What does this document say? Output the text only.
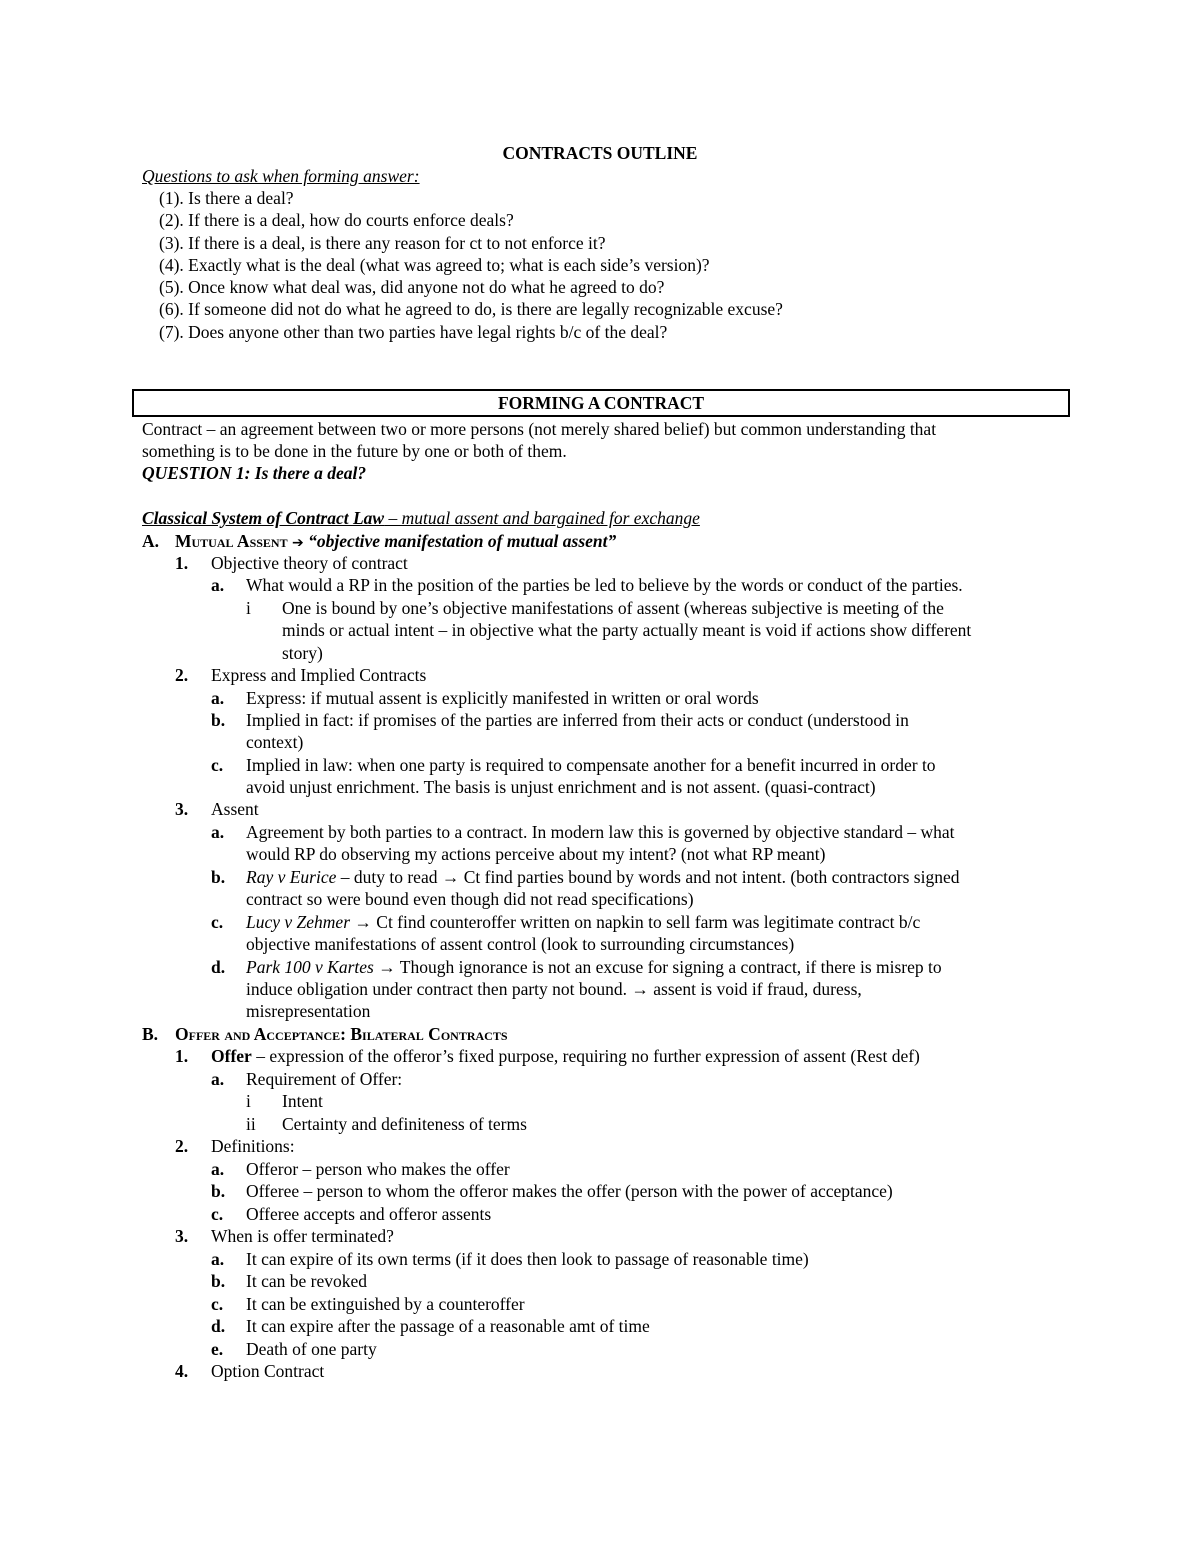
CONTRACTS OUTLINE
Questions to ask when forming answer:
(1). Is there a deal?
(2). If there is a deal, how do courts enforce deals?
(3). If there is a deal, is there any reason for ct to not enforce it?
(4). Exactly what is the deal (what was agreed to; what is each side’s version)?
(5). Once know what deal was, did anyone not do what he agreed to do?
(6). If someone did not do what he agreed to do, is there are legally recognizable excuse?
(7). Does anyone other than two parties have legal rights b/c of the deal?
FORMING A CONTRACT
Contract – an agreement between two or more persons (not merely shared belief) but common understanding that
something is to be done in the future by one or both of them.
QUESTION 1: Is there a deal?
Classical System of Contract Law – mutual assent and bargained for exchange
A. Mutual Assent ➔ “objective manifestation of mutual assent”
1. Objective theory of contract
a. What would a RP in the position of the parties be led to believe by the words or conduct of the parties.
i One is bound by one’s objective manifestations of assent (whereas subjective is meeting of the
minds or actual intent – in objective what the party actually meant is void if actions show different
story)
2. Express and Implied Contracts
a. Express: if mutual assent is explicitly manifested in written or oral words
b. Implied in fact: if promises of the parties are inferred from their acts or conduct (understood in
context)
c. Implied in law: when one party is required to compensate another for a benefit incurred in order to
avoid unjust enrichment. The basis is unjust enrichment and is not assent. (quasi-contract)
3. Assent
a. Agreement by both parties to a contract. In modern law this is governed by objective standard – what
would RP do observing my actions perceive about my intent? (not what RP meant)
b. Ray v Eurice – duty to read → Ct find parties bound by words and not intent. (both contractors signed
contract so were bound even though did not read specifications)
c. Lucy v Zehmer → Ct find counteroffer written on napkin to sell farm was legitimate contract b/c
objective manifestations of assent control (look to surrounding circumstances)
d. Park 100 v Kartes → Though ignorance is not an excuse for signing a contract, if there is misrep to
induce obligation under contract then party not bound. → assent is void if fraud, duress,
misrepresentation
B. Offer and Acceptance: Bilateral Contracts
1. Offer – expression of the offeror’s fixed purpose, requiring no further expression of assent (Rest def)
a. Requirement of Offer:
i Intent
ii Certainty and definiteness of terms
2. Definitions:
a. Offeror – person who makes the offer
b. Offeree – person to whom the offeror makes the offer (person with the power of acceptance)
c. Offeree accepts and offeror assents
3. When is offer terminated?
a. It can expire of its own terms (if it does then look to passage of reasonable time)
b. It can be revoked
c. It can be extinguished by a counteroffer
d. It can expire after the passage of a reasonable amt of time
e. Death of one party
4. Option Contract
